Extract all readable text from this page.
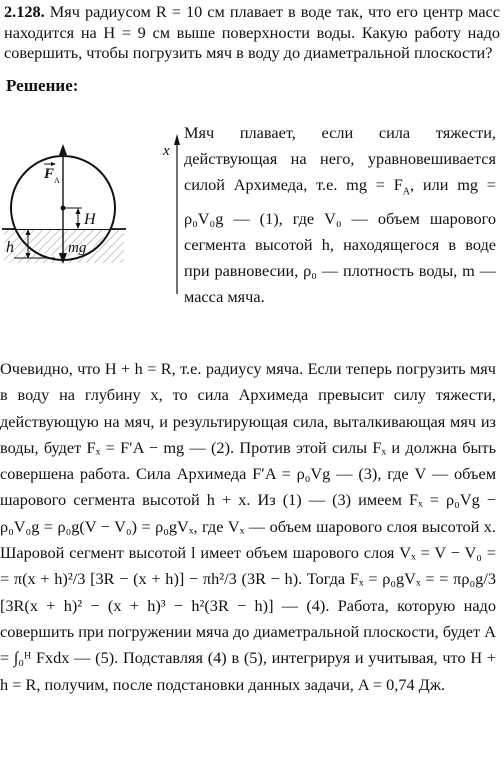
2.128. Мяч радиусом R = 10 см плавает в воде так, что его центр масс находится на H = 9 см выше поверхности воды. Какую работу надо совершить, чтобы погрузить мяч в воду до диаметральной плоскости?

Решение:
x
F A
H
h	mg

Мяч плавает, если сила тяжести, действующая на него, уравновешивается силой Архимеда, т.е. mg = $F_A$, или mg = ρ₀V₀g — (1), где V₀ — объем шарового сегмента высотой h, находящегося в воде при равновесии, ρ₀ — плотность воды, m — масса мяча.

Очевидно, что H + h = R, т.е. радиусу мяча. Если теперь погрузить мяч в воду на глубину x, то сила Архимеда превысит силу тяжести, действующую на мяч, и результирующая сила, выталкивающая мяч из воды, будет Fₓ = F′A − mg — (2). Против этой силы Fₓ и должна быть совершена работа. Сила Архимеда F′A = ρ₀Vg — (3), где V — объем шарового сегмента высотой h + x. Из (1) — (3) имеем Fₓ = ρ₀Vg − ρ₀V₀g = ρ₀g(V − V₀) = ρ₀gVₓ, где Vₓ — объем шарового слоя высотой x. Шаровой сегмент высотой l имеет объем шарового слоя Vₓ = V − V₀ = = π(x + h)²/3 [3R − (x + h)] − πh²/3 (3R − h). Тогда Fₓ = ρ₀gVₓ = = πρ₀g/3 [3R(x + h)² − (x + h)³ − h²(3R − h)] — (4). Работа, которую надо совершить при погружении мяча до диаметральной плоскости, будет A = ∫₀ᴴ Fxdx — (5). Подставляя (4) в (5), интегрируя и учитывая, что H + h = R, получим, после подстановки данных задачи, A = 0,74 Дж.
